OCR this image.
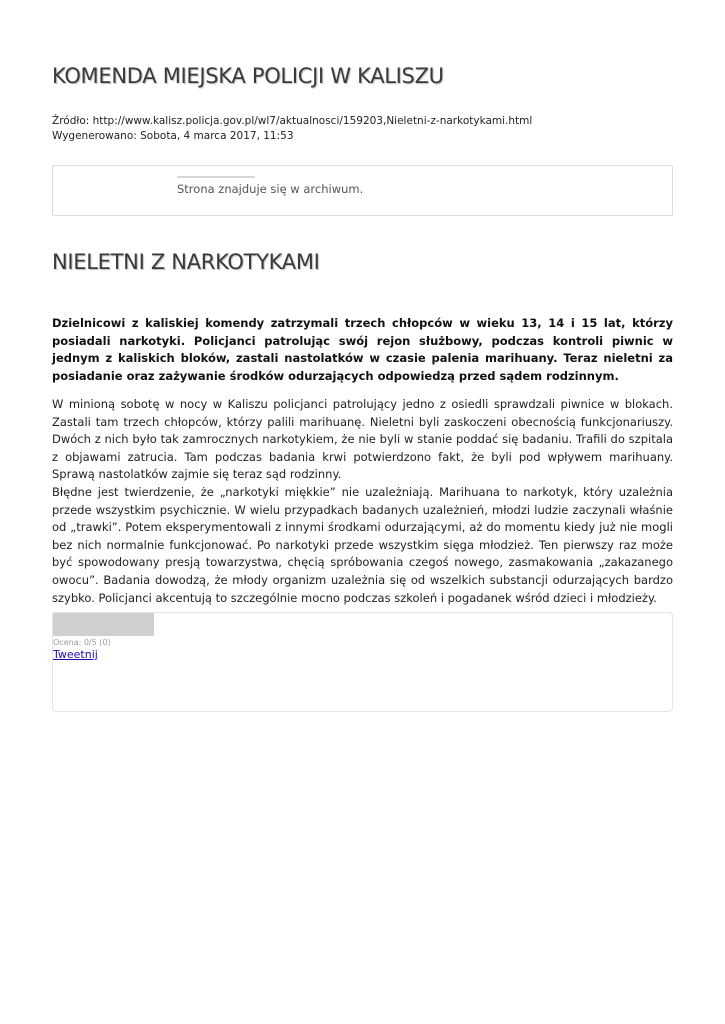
KOMENDA MIEJSKA POLICJI W KALISZU
Źródło: http://www.kalisz.policja.gov.pl/wl7/aktualnosci/159203,Nieletni-z-narkotykami.html
Wygenerowano: Sobota, 4 marca 2017, 11:53
Strona znajduje się w archiwum.
NIELETNI Z NARKOTYKAMI

Dzielnicowi z kaliskiej komendy zatrzymali trzech chłopców w wieku 13, 14 i 15 lat, którzy posiadali narkotyki. Policjanci patrolując swój rejon służbowy, podczas kontroli piwnic w jednym z kaliskich bloków, zastali nastolatków w czasie palenia marihuany. Teraz nieletni za posiadanie oraz zażywanie środków odurzających odpowiedzą przed sądem rodzinnym.

W minioną sobotę w nocy w Kaliszu policjanci patrolujący jedno z osiedli sprawdzali piwnice w blokach. Zastali tam trzech chłopców, którzy palili marihuanę. Nieletni byli zaskoczeni obecnością funkcjonariuszy. Dwóch z nich było tak zamrocznych narkotykiem, że nie byli w stanie poddać się badaniu. Trafili do szpitala z objawami zatrucia. Tam podczas badania krwi potwierdzono fakt, że byli pod wpływem marihuany. Sprawą nastolatków zajmie się teraz sąd rodzinny.

Błędne jest twierdzenie, że „narkotyki miękkie” nie uzależniają. Marihuana to narkotyk, który uzależnia przede wszystkim psychicznie. W wielu przypadkach badanych uzależnień, młodzi ludzie zaczynali właśnie od „trawki”. Potem eksperymentowali z innymi środkami odurzającymi, aż do momentu kiedy już nie mogli bez nich normalnie funkcjonować. Po narkotyki przede wszystkim sięga młodzież. Ten pierwszy raz może być spowodowany presją towarzystwa, chęcią spróbowania czegoś nowego, zasmakowania „zakazanego owocu”. Badania dowodzą, że młody organizm uzależnia się od wszelkich substancji odurzających bardzo szybko. Policjanci akcentują to szczególnie mocno podczas szkoleń i pogadanek wśród dzieci i młodzieży.

Ocena: 0/5 (0)
Tweetnij
